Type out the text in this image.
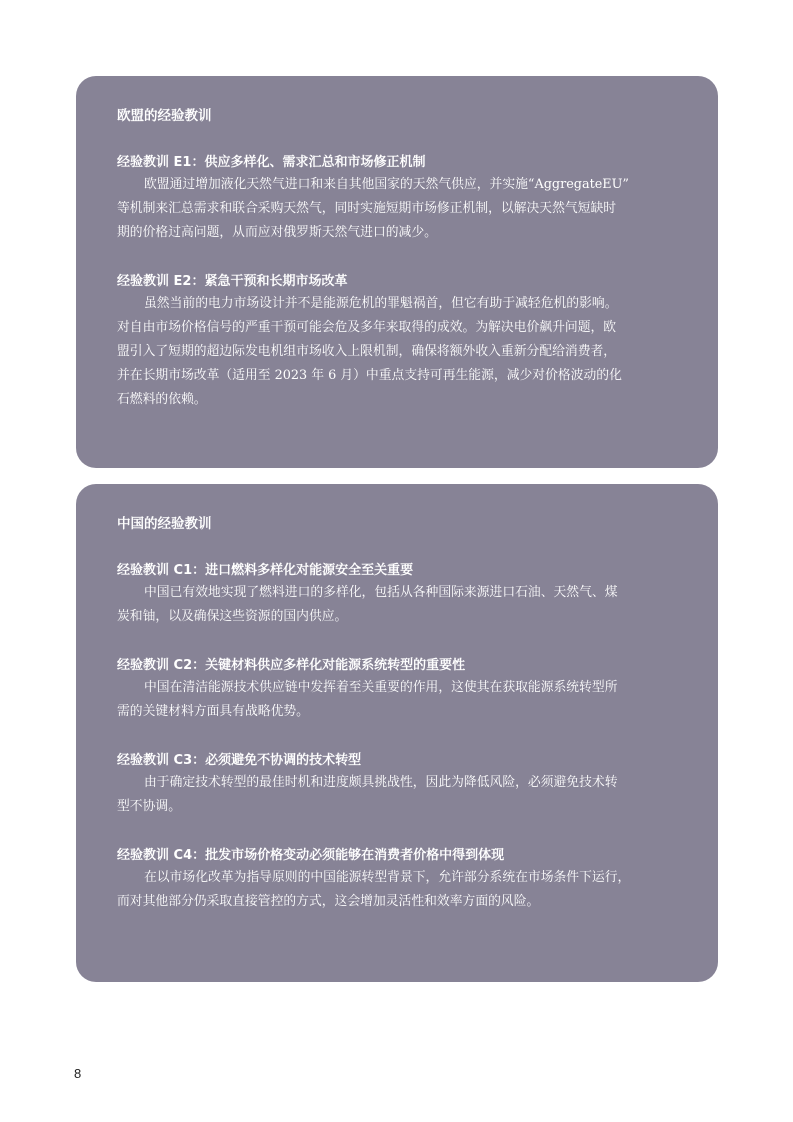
欧盟的经验教训

经验教训 E1：供应多样化、需求汇总和市场修正机制

欧盟通过增加液化天然气进口和来自其他国家的天然气供应，并实施“AggregateEU”
等机制来汇总需求和联合采购天然气，同时实施短期市场修正机制，以解决天然气短缺时
期的价格过高问题，从而应对俄罗斯天然气进口的减少。

经验教训 E2：紧急干预和长期市场改革

虽然当前的电力市场设计并不是能源危机的罪魁祸首，但它有助于减轻危机的影响。
对自由市场价格信号的严重干预可能会危及多年来取得的成效。为解决电价飙升问题，欧
盟引入了短期的超边际发电机组市场收入上限机制，确保将额外收入重新分配给消费者，
并在长期市场改革（适用至 2023 年 6 月）中重点支持可再生能源，减少对价格波动的化
石燃料的依赖。

中国的经验教训

经验教训 C1：进口燃料多样化对能源安全至关重要

中国已有效地实现了燃料进口的多样化，包括从各种国际来源进口石油、天然气、煤
炭和铀，以及确保这些资源的国内供应。

经验教训 C2：关键材料供应多样化对能源系统转型的重要性

中国在清洁能源技术供应链中发挥着至关重要的作用，这使其在获取能源系统转型所
需的关键材料方面具有战略优势。

经验教训 C3：必须避免不协调的技术转型

由于确定技术转型的最佳时机和进度颇具挑战性，因此为降低风险，必须避免技术转
型不协调。

经验教训 C4：批发市场价格变动必须能够在消费者价格中得到体现

在以市场化改革为指导原则的中国能源转型背景下，允许部分系统在市场条件下运行，
而对其他部分仍采取直接管控的方式，这会增加灵活性和效率方面的风险。

8
